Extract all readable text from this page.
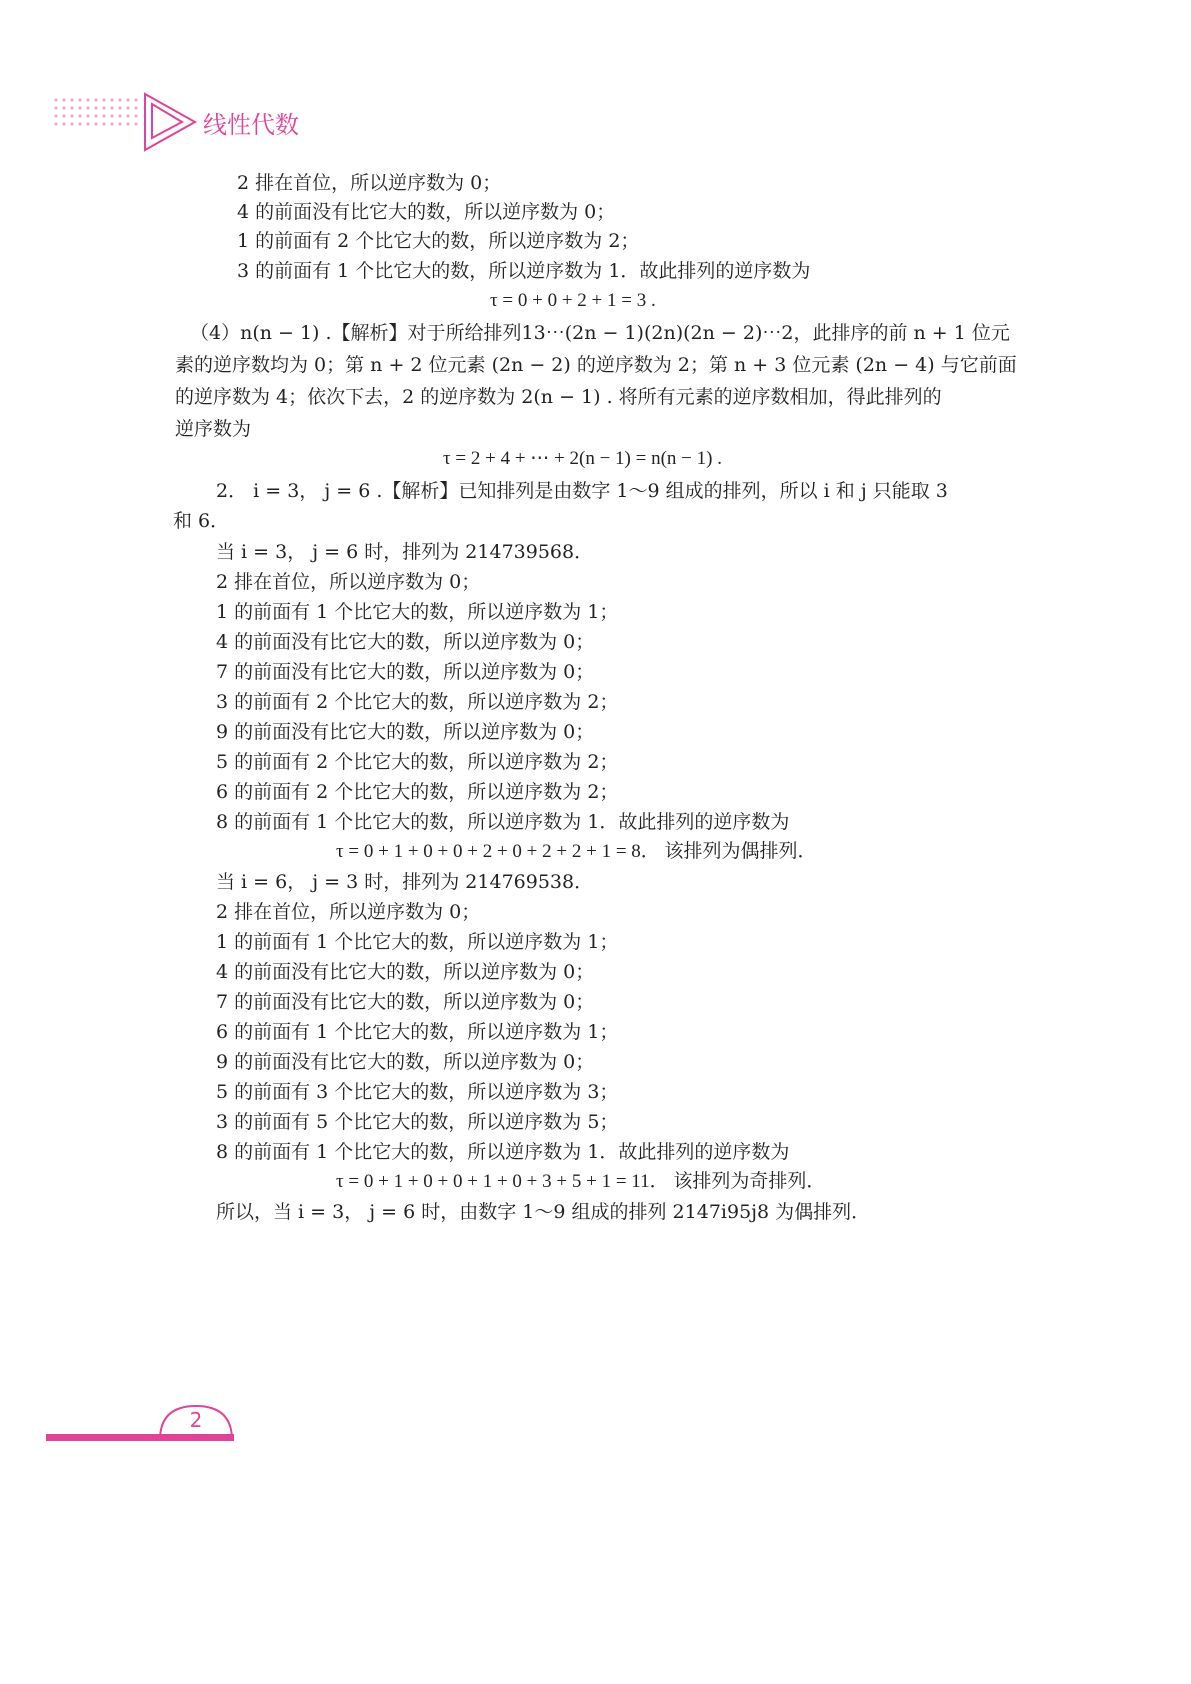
线性代数
2 排在首位，所以逆序数为 0；
4 的前面没有比它大的数，所以逆序数为 0；
1 的前面有 2 个比它大的数，所以逆序数为 2；
3 的前面有 1 个比它大的数，所以逆序数为 1．故此排列的逆序数为
τ = 0 + 0 + 2 + 1 = 3 .
（4）n(n − 1) .【解析】对于所给排列13⋯(2n − 1)(2n)(2n − 2)⋯2，此排序的前 n + 1 位元
素的逆序数均为 0；第 n + 2 位元素 (2n − 2) 的逆序数为 2；第 n + 3 位元素 (2n − 4) 与它前面
的逆序数为 4；依次下去，2 的逆序数为 2(n − 1) . 将所有元素的逆序数相加，得此排列的
逆序数为
τ = 2 + 4 + ⋯ + 2(n − 1) = n(n − 1) .
2． i = 3， j = 6 .【解析】已知排列是由数字 1～9 组成的排列，所以 i 和 j 只能取 3
和 6．
当 i = 3， j = 6 时，排列为 214739568．
2 排在首位，所以逆序数为 0；
1 的前面有 1 个比它大的数，所以逆序数为 1；
4 的前面没有比它大的数，所以逆序数为 0；
7 的前面没有比它大的数，所以逆序数为 0；
3 的前面有 2 个比它大的数，所以逆序数为 2；
9 的前面没有比它大的数，所以逆序数为 0；
5 的前面有 2 个比它大的数，所以逆序数为 2；
6 的前面有 2 个比它大的数，所以逆序数为 2；
8 的前面有 1 个比它大的数，所以逆序数为 1．故此排列的逆序数为
τ = 0 + 1 + 0 + 0 + 2 + 0 + 2 + 2 + 1 = 8． 该排列为偶排列．
当 i = 6， j = 3 时，排列为 214769538．
2 排在首位，所以逆序数为 0；
1 的前面有 1 个比它大的数，所以逆序数为 1；
4 的前面没有比它大的数，所以逆序数为 0；
7 的前面没有比它大的数，所以逆序数为 0；
6 的前面有 1 个比它大的数，所以逆序数为 1；
9 的前面没有比它大的数，所以逆序数为 0；
5 的前面有 3 个比它大的数，所以逆序数为 3；
3 的前面有 5 个比它大的数，所以逆序数为 5；
8 的前面有 1 个比它大的数，所以逆序数为 1．故此排列的逆序数为
τ = 0 + 1 + 0 + 0 + 1 + 0 + 3 + 5 + 1 = 11． 该排列为奇排列．
所以，当 i = 3， j = 6 时，由数字 1～9 组成的排列 2147i95j8 为偶排列．
2
